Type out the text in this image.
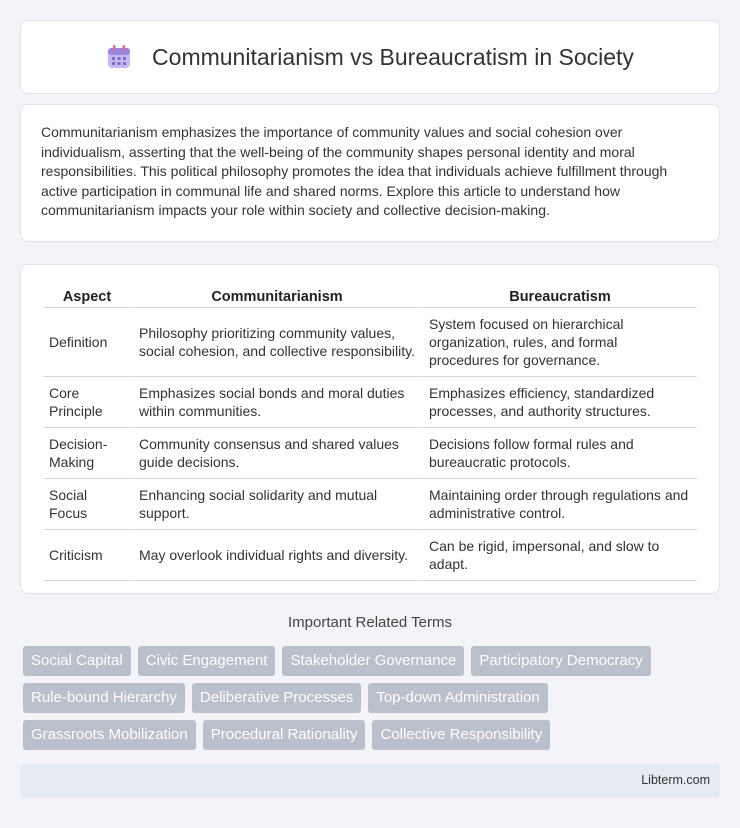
Communitarianism vs Bureaucratism in Society

Communitarianism emphasizes the importance of community values and social cohesion over individualism, asserting that the well-being of the community shapes personal identity and moral responsibilities. This political philosophy promotes the idea that individuals achieve fulfillment through active participation in communal life and shared norms. Explore this article to understand how communitarianism impacts your role within society and collective decision-making.

Aspect	Communitarianism	Bureaucratism
Definition	Philosophy prioritizing community values, social cohesion, and collective responsibility.	System focused on hierarchical organization, rules, and formal procedures for governance.
Core Principle	Emphasizes social bonds and moral duties within communities.	Emphasizes efficiency, standardized processes, and authority structures.
Decision-Making	Community consensus and shared values guide decisions.	Decisions follow formal rules and bureaucratic protocols.
Social Focus	Enhancing social solidarity and mutual support.	Maintaining order through regulations and administrative control.
Criticism	May overlook individual rights and diversity.	Can be rigid, impersonal, and slow to adapt.
Important Related Terms
Social Capital	Civic Engagement	Stakeholder Governance	Participatory Democracy
Rule-bound Hierarchy	Deliberative Processes	Top-down Administration
Grassroots Mobilization	Procedural Rationality	Collective Responsibility
Libterm.com
